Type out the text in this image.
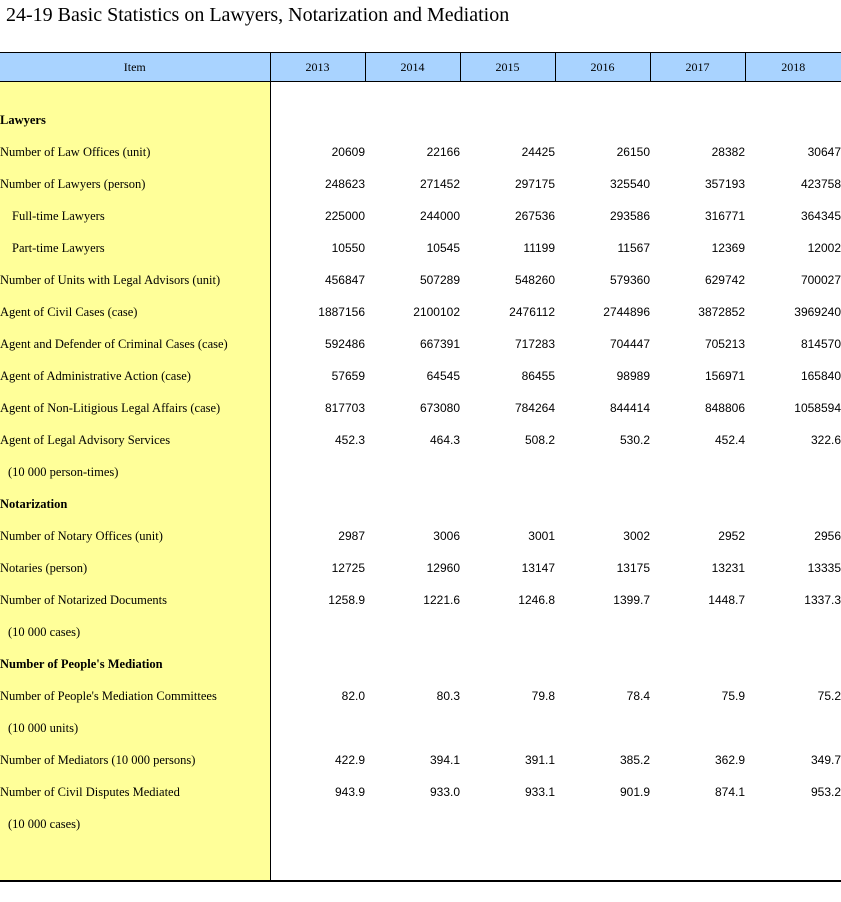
24-19 Basic Statistics on Lawyers, Notarization and Mediation
Item	2013	2014	2015	2016	2017	2018

Lawyers						
Number of Law Offices (unit)	20609	22166	24425	26150	28382	30647
Number of Lawyers (person)	248623	271452	297175	325540	357193	423758
Full-time Lawyers	225000	244000	267536	293586	316771	364345
Part-time Lawyers	10550	10545	11199	11567	12369	12002
Number of Units with Legal Advisors (unit)	456847	507289	548260	579360	629742	700027
Agent of Civil Cases (case)	1887156	2100102	2476112	2744896	3872852	3969240
Agent and Defender of Criminal Cases (case)	592486	667391	717283	704447	705213	814570
Agent of Administrative Action (case)	57659	64545	86455	98989	156971	165840
Agent of Non-Litigious Legal Affairs (case)	817703	673080	784264	844414	848806	1058594
Agent of Legal Advisory Services	452.3	464.3	508.2	530.2	452.4	322.6
(10 000 person-times)						
Notarization						
Number of Notary Offices (unit)	2987	3006	3001	3002	2952	2956
Notaries (person)	12725	12960	13147	13175	13231	13335
Number of Notarized Documents	1258.9	1221.6	1246.8	1399.7	1448.7	1337.3
(10 000 cases)						
Number of People's Mediation						
Number of People's Mediation Committees	82.0	80.3	79.8	78.4	75.9	75.2
(10 000 units)						
Number of Mediators (10 000 persons)	422.9	394.1	391.1	385.2	362.9	349.7
Number of Civil Disputes Mediated	943.9	933.0	933.1	901.9	874.1	953.2
(10 000 cases)						
